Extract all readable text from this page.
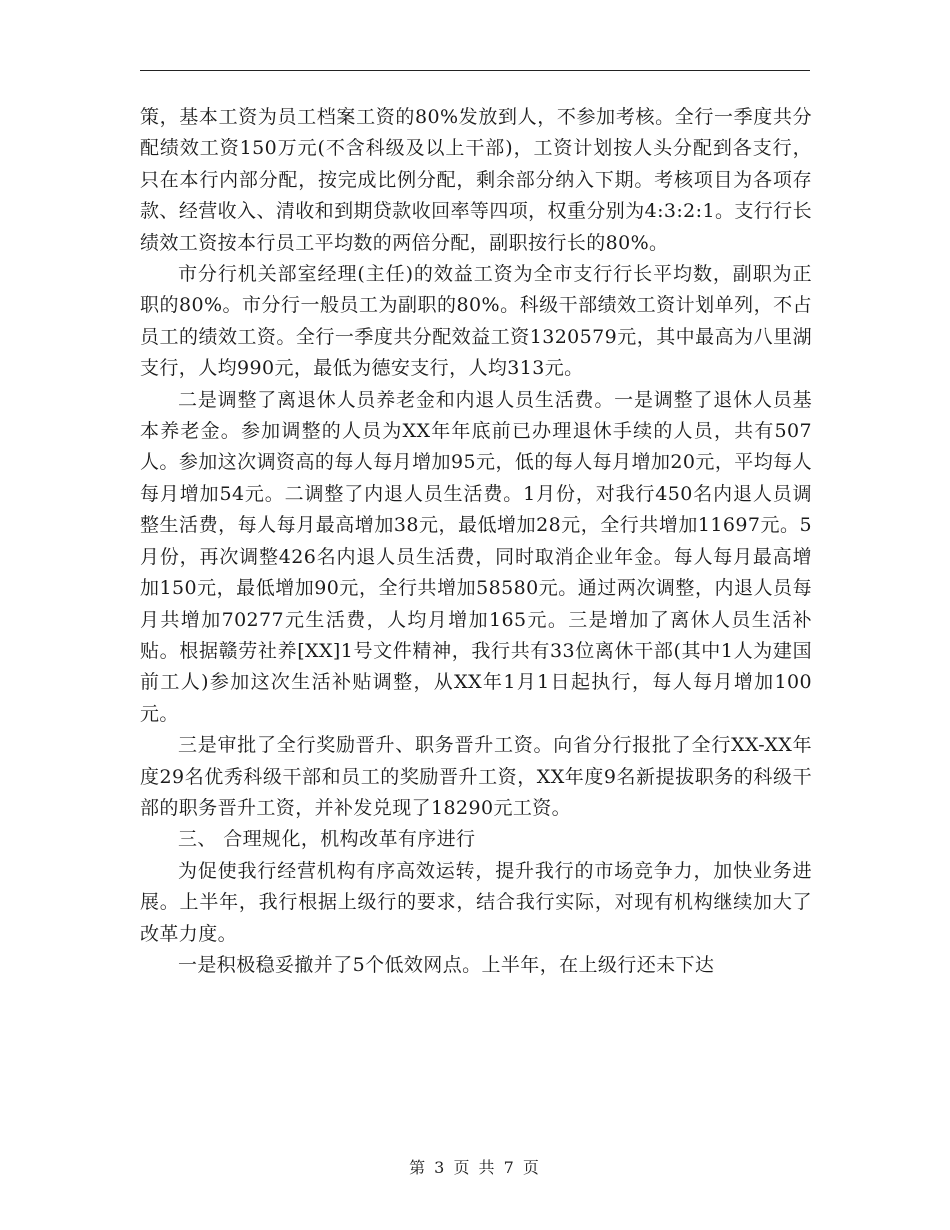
策，基本工资为员工档案工资的80%发放到人，不参加考核。全行一季度共分配绩效工资150万元(不含科级及以上干部)，工资计划按人头分配到各支行，只在本行内部分配，按完成比例分配，剩余部分纳入下期。考核项目为各项存款、经营收入、清收和到期贷款收回率等四项，权重分别为4:3:2:1。支行行长绩效工资按本行员工平均数的两倍分配，副职按行长的80%。

市分行机关部室经理(主任)的效益工资为全市支行行长平均数，副职为正职的80%。市分行一般员工为副职的80%。科级干部绩效工资计划单列，不占员工的绩效工资。全行一季度共分配效益工资1320579元，其中最高为八里湖支行，人均990元，最低为德安支行，人均313元。

二是调整了离退休人员养老金和内退人员生活费。一是调整了退休人员基本养老金。参加调整的人员为XX年年底前已办理退休手续的人员，共有507人。参加这次调资高的每人每月增加95元，低的每人每月增加20元，平均每人每月增加54元。二调整了内退人员生活费。1月份，对我行450名内退人员调整生活费，每人每月最高增加38元，最低增加28元，全行共增加11697元。5月份，再次调整426名内退人员生活费，同时取消企业年金。每人每月最高增加150元，最低增加90元，全行共增加58580元。通过两次调整，内退人员每月共增加70277元生活费，人均月增加165元。三是增加了离休人员生活补贴。根据赣劳社养[XX]1号文件精神，我行共有33位离休干部(其中1人为建国前工人)参加这次生活补贴调整，从XX年1月1日起执行，每人每月增加100元。

三是审批了全行奖励晋升、职务晋升工资。向省分行报批了全行XX-XX年度29名优秀科级干部和员工的奖励晋升工资，XX年度9名新提拔职务的科级干部的职务晋升工资，并补发兑现了18290元工资。

三、 合理规化，机构改革有序进行

为促使我行经营机构有序高效运转，提升我行的市场竞争力，加快业务进展。上半年，我行根据上级行的要求，结合我行实际，对现有机构继续加大了改革力度。

一是积极稳妥撤并了5个低效网点。上半年，在上级行还未下达

第 3 页 共 7 页
